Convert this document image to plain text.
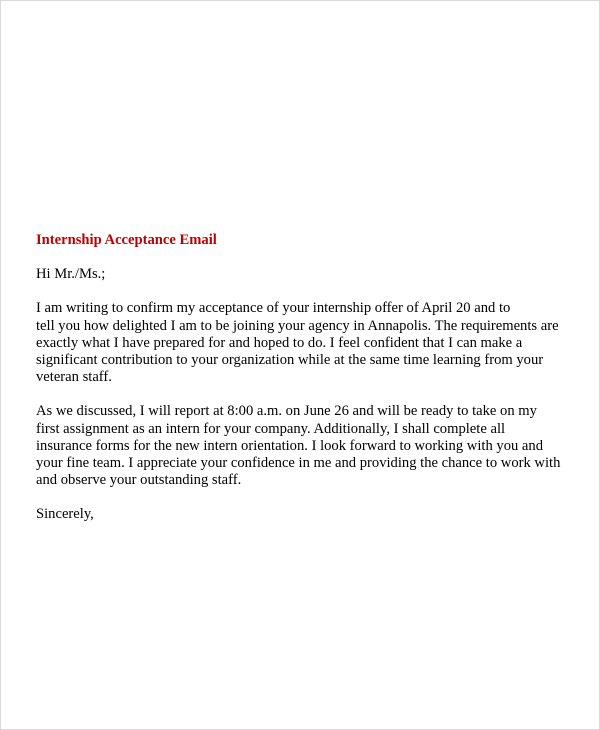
Internship Acceptance Email
Hi Mr./Ms.;
I am writing to confirm my acceptance of your internship offer of April 20 and to
tell you how delighted I am to be joining your agency in Annapolis. The requirements are
exactly what I have prepared for and hoped to do. I feel confident that I can make a
significant contribution to your organization while at the same time learning from your
veteran staff.
As we discussed, I will report at 8:00 a.m. on June 26 and will be ready to take on my
first assignment as an intern for your company. Additionally, I shall complete all
insurance forms for the new intern orientation. I look forward to working with you and
your fine team. I appreciate your confidence in me and providing the chance to work with
and observe your outstanding staff.
Sincerely,
